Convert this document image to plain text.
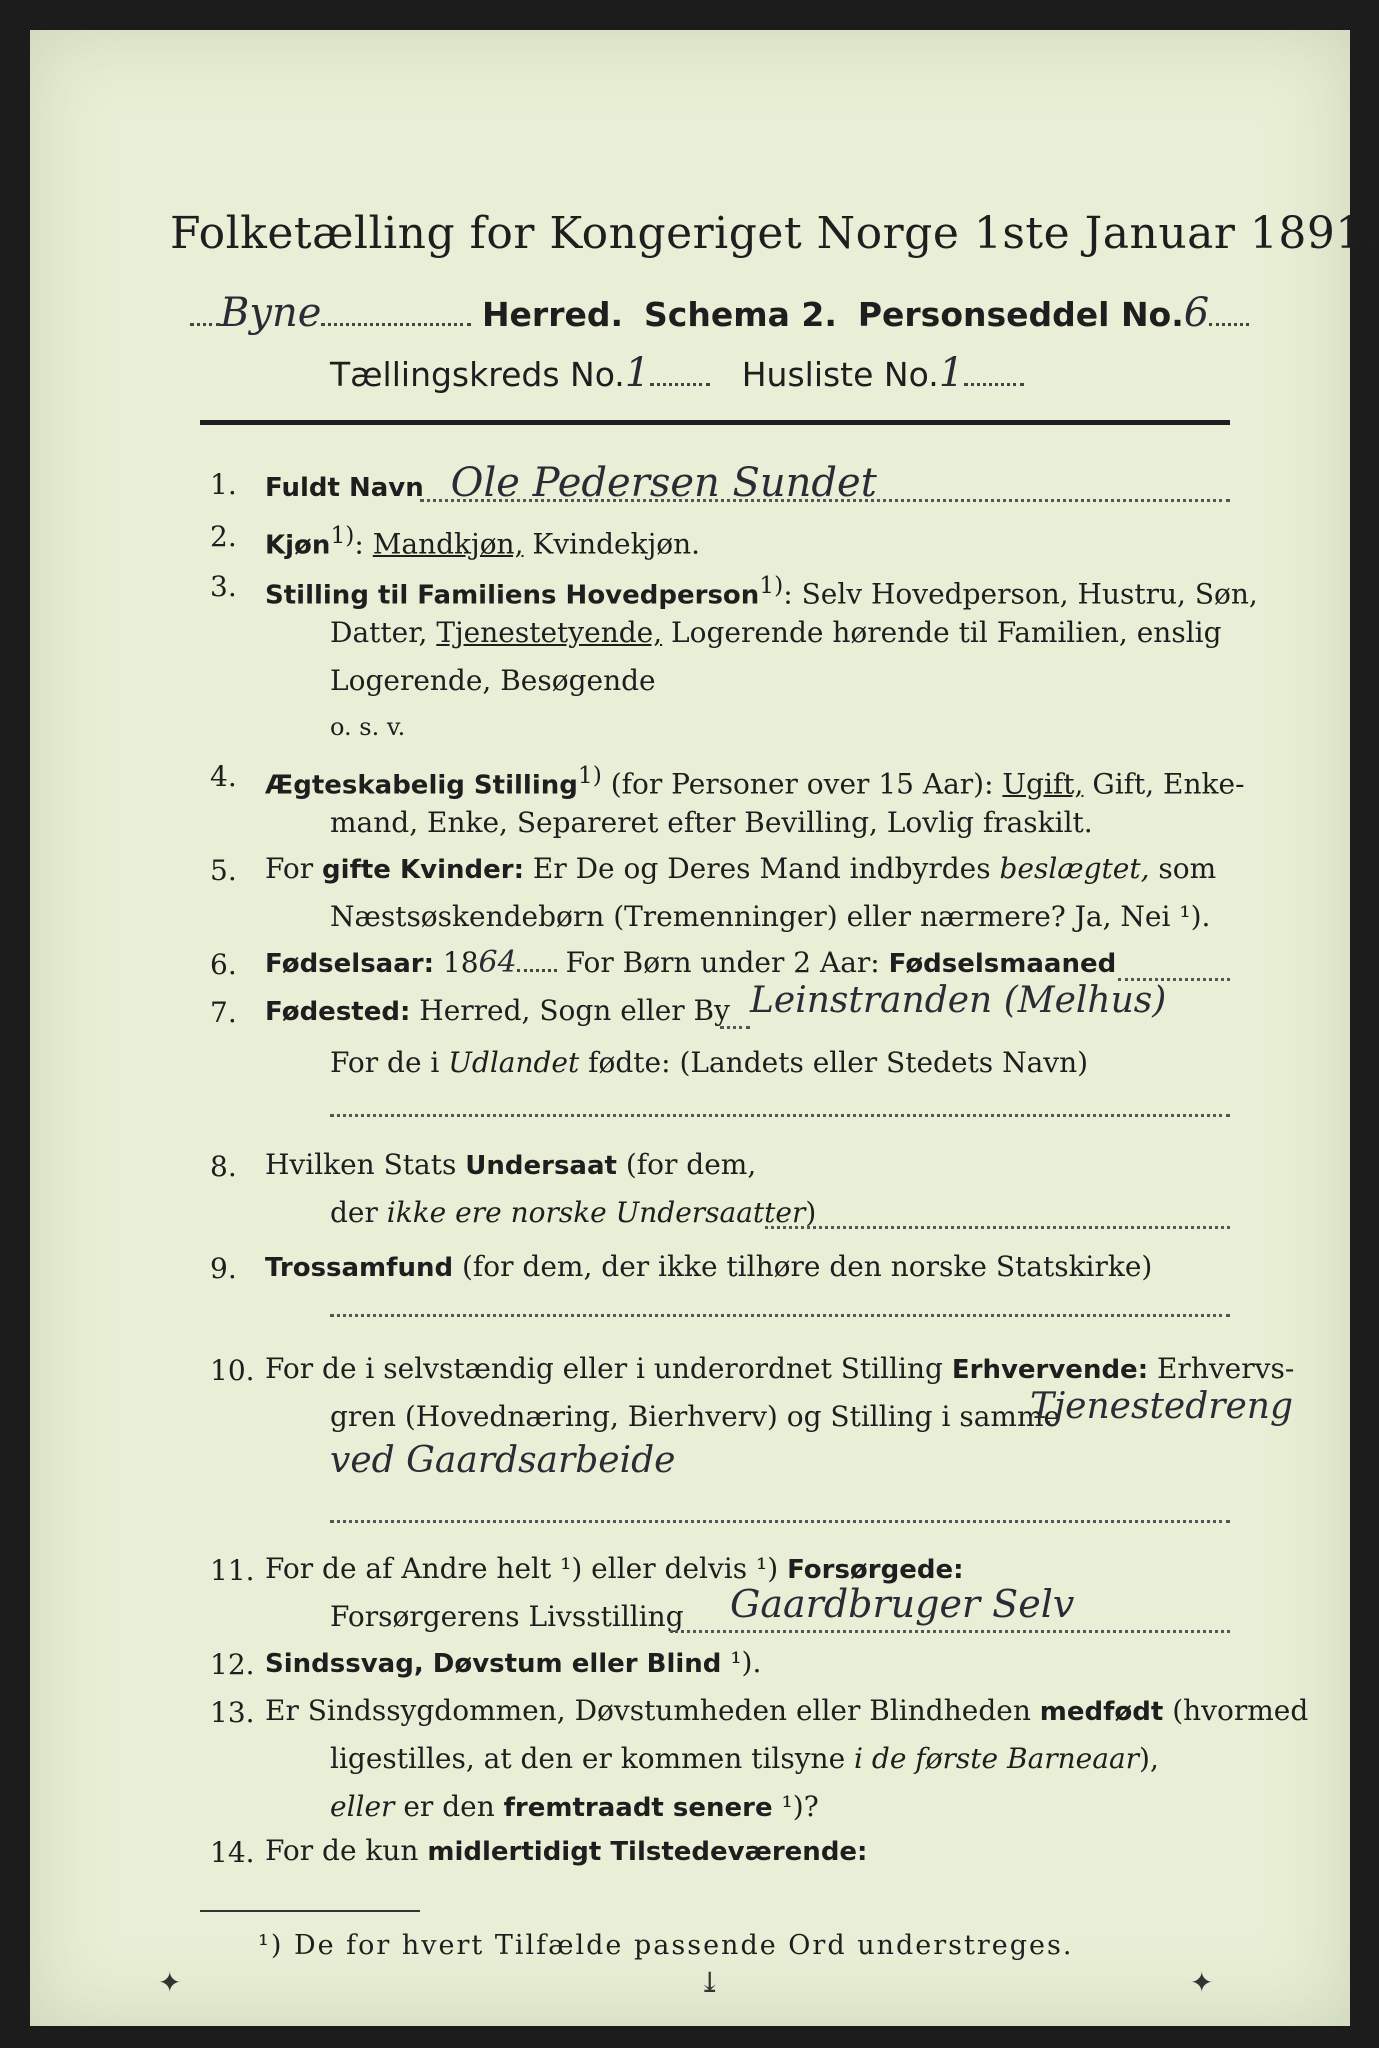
Folketælling for Kongeriget Norge 1ste Januar 1891.
Byne	Herred. Schema 2. Personseddel No.6
Tællingskreds No.1	Husliste No.1
1. Fuldt Navn Ole Pedersen Sundet
2. Kjøn$^{1)}$: Mandkjøn, Kvindekjøn.
3. Stilling til Familiens Hovedperson$^{1)}$: Selv Hovedperson, Hustru, Søn,
Datter, Tjenestetyende, Logerende hørende til Familien, enslig
Logerende, Besøgende
o. s. v.
4. Ægteskabelig Stilling$^{1)}$ (for Personer over 15 Aar): Ugift, Gift, Enke-
mand, Enke, Separeret efter Bevilling, Lovlig fraskilt.
5. For gifte Kvinder: Er De og Deres Mand indbyrdes beslægtet, som
Næstsøskendebørn (Tremenninger) eller nærmere? Ja, Nei ¹).
6. Fødselsaar: 1864 For Børn under 2 Aar: Fødselsmaaned
7. Fødested: Herred, Sogn eller By Leinstranden (Melhus)
For de i Udlandet fødte: (Landets eller Stedets Navn)
8. Hvilken Stats Undersaat (for dem,
der ikke ere norske Undersaatter)
9. Trossamfund (for dem, der ikke tilhøre den norske Statskirke)
10. For de i selvstændig eller i underordnet Stilling Erhvervende: Erhvervs-
gren (Hovednæring, Bierhverv) og Stilling i samme
Tjenestedreng
ved Gaardsarbeide
11. For de af Andre helt ¹) eller delvis ¹) Forsørgede:
Forsørgerens Livsstilling Gaardbruger Selv
12. Sindssvag, Døvstum eller Blind ¹).
13. Er Sindssygdommen, Døvstumheden eller Blindheden medfødt (hvormed
ligestilles, at den er kommen tilsyne i de første Barneaar),
eller er den fremtraadt senere ¹)?
14. For de kun midlertidigt Tilstedeværende:
¹) De for hvert Tilfælde passende Ord understreges.
✦	⤓	✦
